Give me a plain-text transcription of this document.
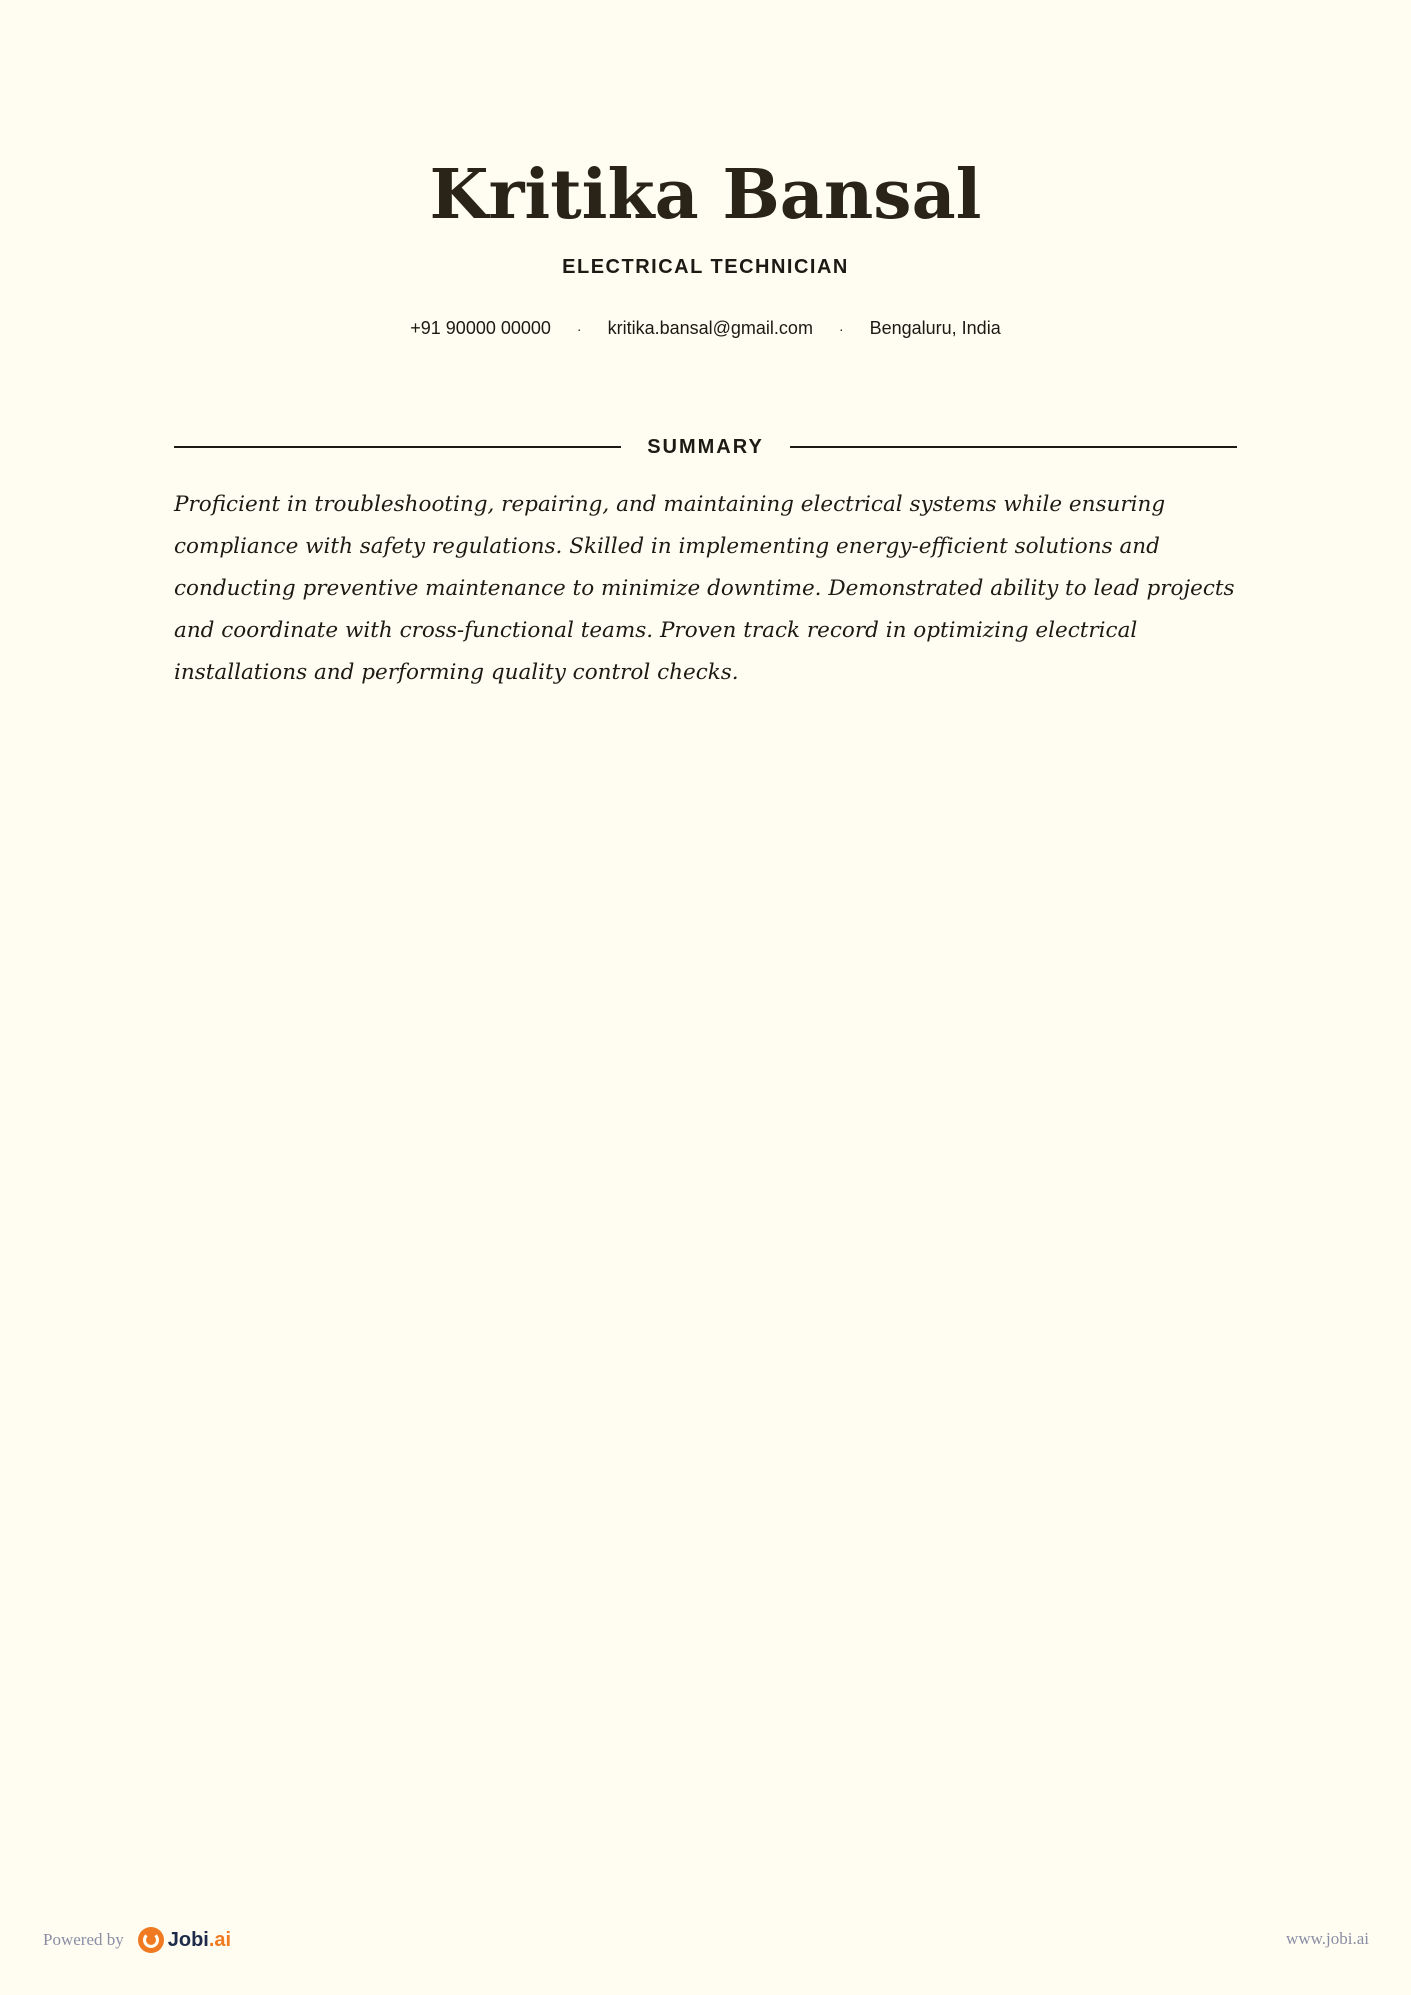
Kritika Bansal
ELECTRICAL TECHNICIAN
+91 90000 00000 · kritika.bansal@gmail.com · Bengaluru, India
SUMMARY

Proficient in troubleshooting, repairing, and maintaining electrical systems while ensuring compliance with safety regulations. Skilled in implementing energy-efficient solutions and conducting preventive maintenance to minimize downtime. Demonstrated ability to lead projects and coordinate with cross-functional teams. Proven track record in optimizing electrical installations and performing quality control checks.

Powered by Jobi.ai	www.jobi.ai
